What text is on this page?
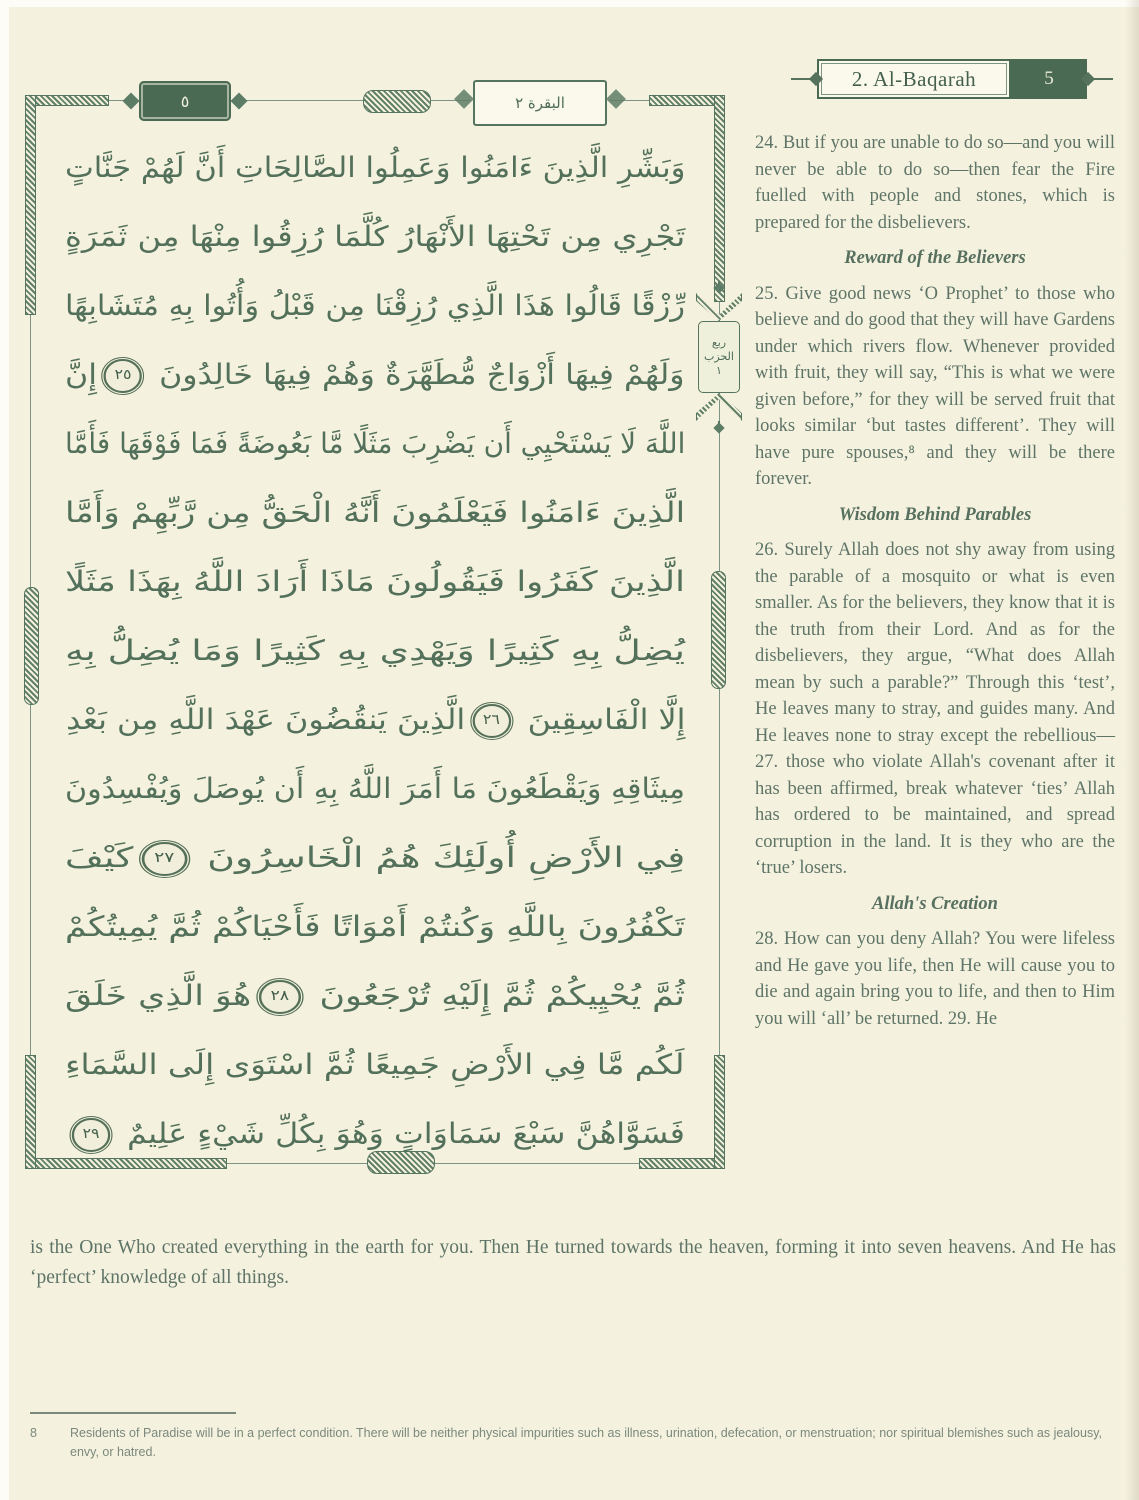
2. Al-Baqarah	5
٥	البقرة ٢
وَبَشِّرِ الَّذِينَ ءَامَنُوا وَعَمِلُوا الصَّالِحَاتِ أَنَّ لَهُمْ جَنَّاتٍ
تَجْرِي مِن تَحْتِهَا الأَنْهَارُ كُلَّمَا رُزِقُوا مِنْهَا مِن ثَمَرَةٍ
رِّزْقًا قَالُوا هَذَا الَّذِي رُزِقْنَا مِن قَبْلُ وَأُتُوا بِهِ مُتَشَابِهًا
وَلَهُمْ فِيهَا أَزْوَاجٌ مُّطَهَّرَةٌ وَهُمْ فِيهَا خَالِدُونَ ٢٥إِنَّ
اللَّهَ لَا يَسْتَحْيِي أَن يَضْرِبَ مَثَلًا مَّا بَعُوضَةً فَمَا فَوْقَهَا فَأَمَّا
الَّذِينَ ءَامَنُوا فَيَعْلَمُونَ أَنَّهُ الْحَقُّ مِن رَّبِّهِمْ وَأَمَّا
الَّذِينَ كَفَرُوا فَيَقُولُونَ مَاذَا أَرَادَ اللَّهُ بِهَذَا مَثَلًا
يُضِلُّ بِهِ كَثِيرًا وَيَهْدِي بِهِ كَثِيرًا وَمَا يُضِلُّ بِهِ
إِلَّا الْفَاسِقِينَ ٢٦الَّذِينَ يَنقُضُونَ عَهْدَ اللَّهِ مِن بَعْدِ
مِيثَاقِهِ وَيَقْطَعُونَ مَا أَمَرَ اللَّهُ بِهِ أَن يُوصَلَ وَيُفْسِدُونَ
فِي الأَرْضِ أُولَئِكَ هُمُ الْخَاسِرُونَ ٢٧كَيْفَ
تَكْفُرُونَ بِاللَّهِ وَكُنتُمْ أَمْوَاتًا فَأَحْيَاكُمْ ثُمَّ يُمِيتُكُمْ
ثُمَّ يُحْيِيكُمْ ثُمَّ إِلَيْهِ تُرْجَعُونَ ٢٨هُوَ الَّذِي خَلَقَ
لَكُم مَّا فِي الأَرْضِ جَمِيعًا ثُمَّ اسْتَوَى إِلَى السَّمَاءِ
فَسَوَّاهُنَّ سَبْعَ سَمَاوَاتٍ وَهُوَ بِكُلِّ شَيْءٍ عَلِيمٌ ٢٩
ربع
الحزب
١

24. But if you are unable to do so—and you will never be able to do so—then fear the Fire fuelled with people and stones, which is prepared for the disbelievers.

Reward of the Believers

25. Give good news ‘O Prophet’ to those who believe and do good that they will have Gardens under which rivers flow. Whenever provided with fruit, they will say, “This is what we were given before,” for they will be served fruit that looks similar ‘but tastes different’. They will have pure spouses,⁸ and they will be there forever.

Wisdom Behind Parables

26. Surely Allah does not shy away from using the parable of a mosquito or what is even smaller. As for the believers, they know that it is the truth from their Lord. And as for the disbelievers, they argue, “What does Allah mean by such a parable?” Through this ‘test’, He leaves many to stray, and guides many. And He leaves none to stray except the rebellious— 27. those who violate Allah's covenant after it has been affirmed, break whatever ‘ties’ Allah has ordered to be maintained, and spread corruption in the land. It is they who are the ‘true’ losers.

Allah's Creation

28. How can you deny Allah? You were lifeless and He gave you life, then He will cause you to die and again bring you to life, and then to Him you will ‘all’ be returned. 29. He

is the One Who created everything in the earth for you. Then He turned towards the heaven, forming it into seven heavens. And He has ‘perfect’ knowledge of all things.
8	Residents of Paradise will be in a perfect condition. There will be neither physical impurities such as illness, urination, defecation, or menstruation; nor spiritual blemishes such as jealousy, envy, or hatred.
